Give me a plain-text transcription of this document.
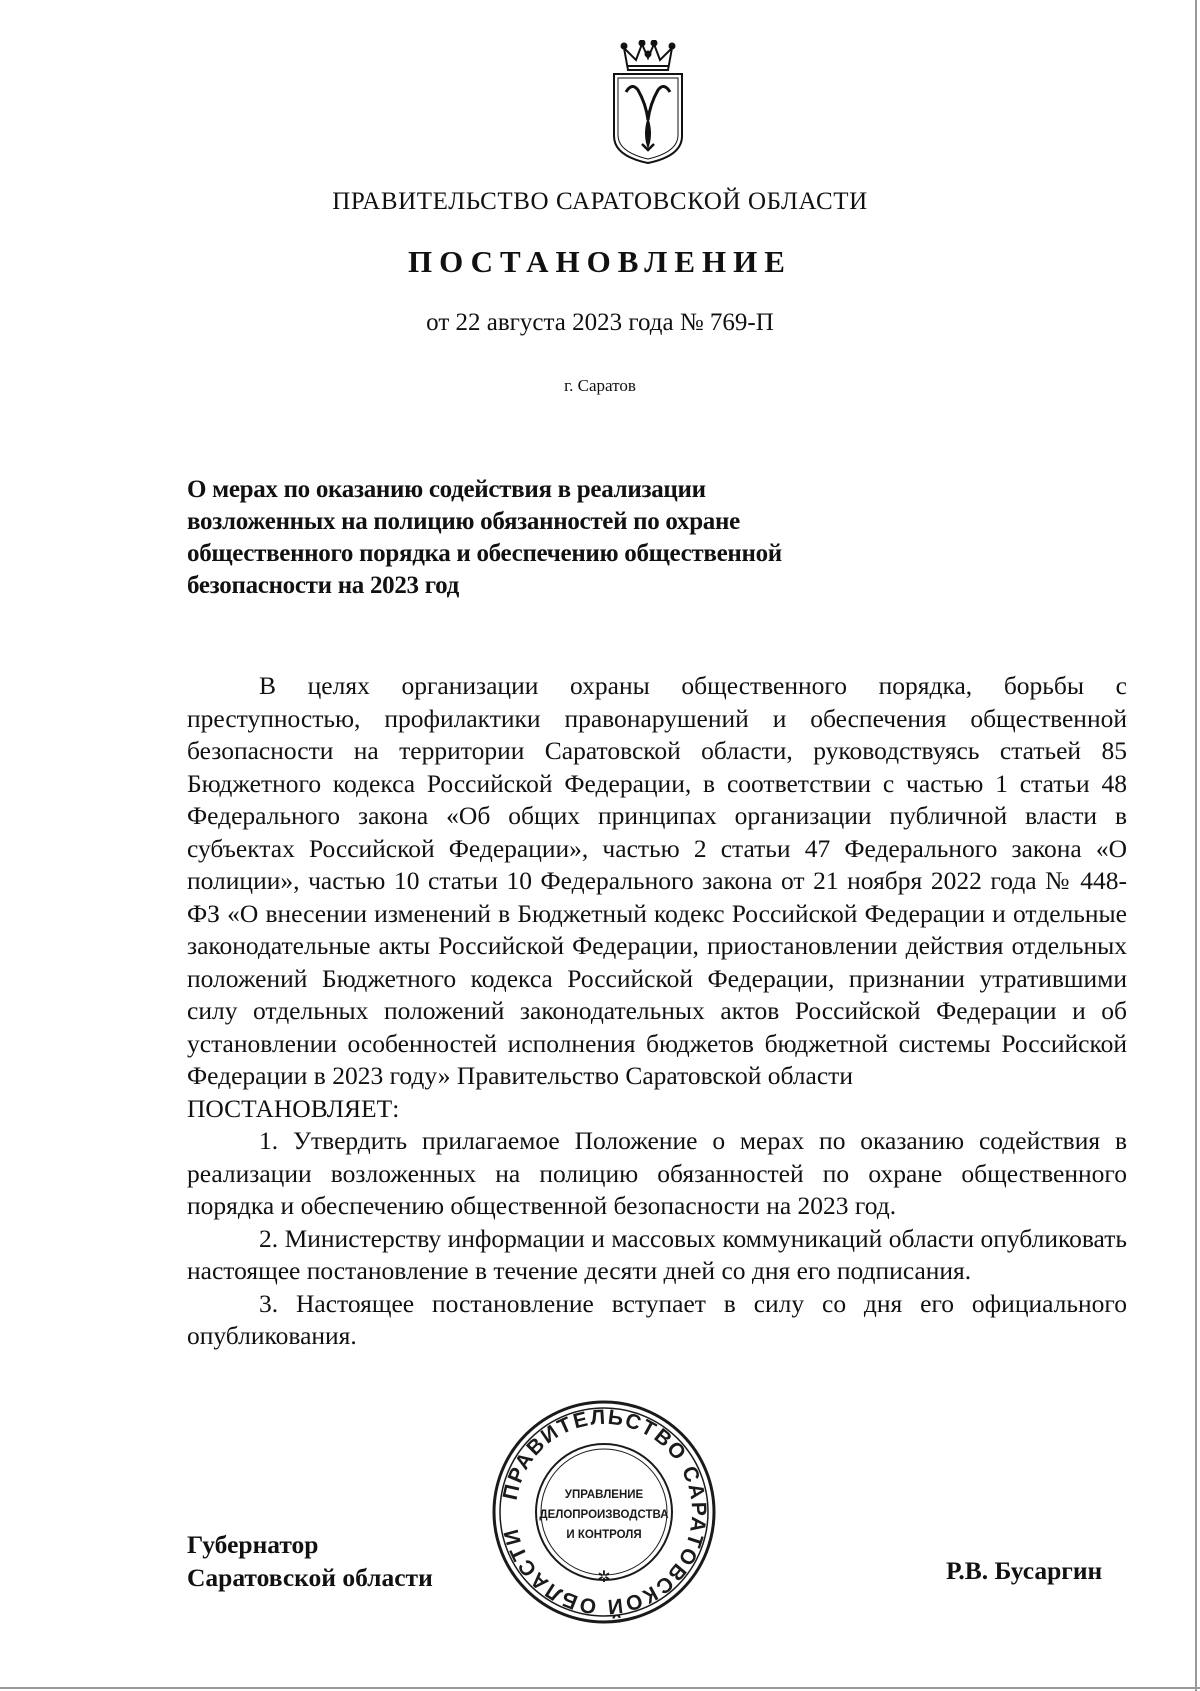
ПРАВИТЕЛЬСТВО САРАТОВСКОЙ ОБЛАСТИ
ПОСТАНОВЛЕНИЕ
от 22 августа 2023 года № 769-П
г. Саратов
О мерах по оказанию содействия в реализации возложенных на полицию обязанностей по охране общественного порядка и обеспечению общественной безопасности на 2023 год

В целях организации охраны общественного порядка, борьбы с преступностью, профилактики правонарушений и обеспечения общественной безопасности на территории Саратовской области, руководствуясь статьей 85 Бюджетного кодекса Российской Федерации, в соответствии с частью 1 статьи 48 Федерального закона «Об общих принципах организации публичной власти в субъектах Российской Федерации», частью 2 статьи 47 Федерального закона «О полиции», частью 10 статьи 10 Федерального закона от 21 ноября 2022 года № 448-ФЗ «О внесении изменений в Бюджетный кодекс Российской Федерации и отдельные законодательные акты Российской Федерации, приостановлении действия отдельных положений Бюджетного кодекса Российской Федерации, признании утратившими силу отдельных положений законодательных актов Российской Федерации и об установлении особенностей исполнения бюджетов бюджетной системы Российской Федерации в 2023 году» Правительство Саратовской области

ПОСТАНОВЛЯЕТ:

1. Утвердить прилагаемое Положение о мерах по оказанию содействия в реализации возложенных на полицию обязанностей по охране общественного порядка и обеспечению общественной безопасности на 2023 год.

2. Министерству информации и массовых коммуникаций области опубликовать настоящее постановление в течение десяти дней со дня его подписания.

3. Настоящее постановление вступает в силу со дня его официального опубликования.

ПРАВИТЕЛЬСТВО САРАТОВСКОЙ ОБЛАСТИ
✲
УПРАВЛЕНИЕ
ДЕЛОПРОИЗВОДСТВА
И КОНТРОЛЯ
Губернатор
Саратовской области	Р.В. Бусаргин
